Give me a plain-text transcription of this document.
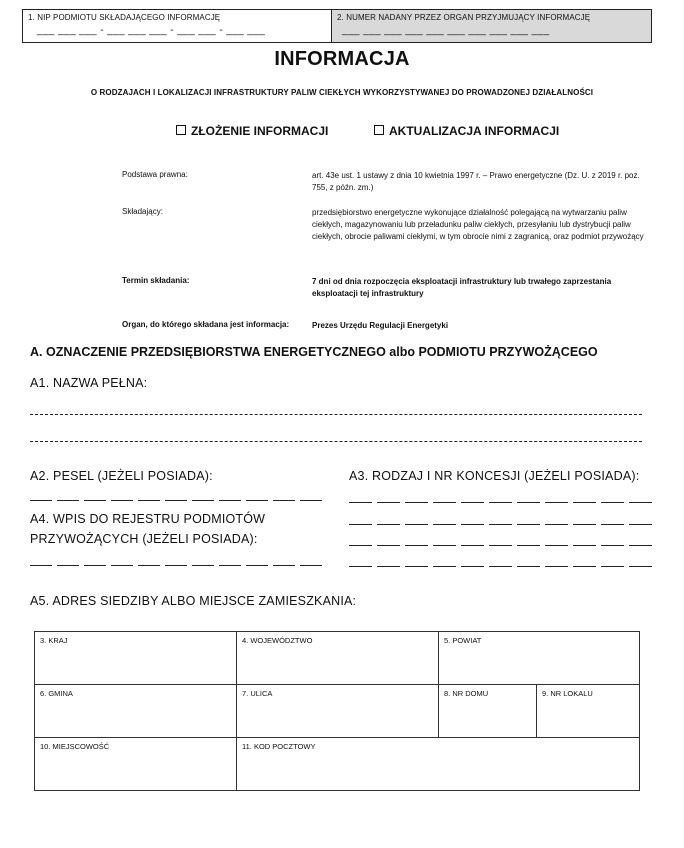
1. NIP PODMIOTU SKŁADAJĄCEGO INFORMACJĘ
___ ___ ___ - ___ ___ ___ - ___ ___ - ___ ___
2. NUMER NADANY PRZEZ ORGAN PRZYJMUJĄCY INFORMACJĘ
___ ___ ___ ___ ___ ___ ___ ___ ___ ___
INFORMACJA
O RODZAJACH I LOKALIZACJI INFRASTRUKTURY PALIW CIEKŁYCH WYKORZYSTYWANEJ DO PROWADZONEJ DZIAŁALNOŚCI
ZŁOŻENIE INFORMACJI	AKTUALIZACJA INFORMACJI
Podstawa prawna:	art. 43e ust. 1 ustawy z dnia 10 kwietnia 1997 r. – Prawo energetyczne (Dz. U. z 2019 r. poz. 755, z późn. zm.)
Składający:	przedsiębiorstwo energetyczne wykonujące działalność polegającą na wytwarzaniu paliw ciekłych, magazynowaniu lub przeładunku paliw ciekłych, przesyłaniu lub dystrybucji paliw ciekłych, obrocie paliwami ciekłymi, w tym obrocie nimi z zagranicą, oraz podmiot przywożący
Termin składania:	7 dni od dnia rozpoczęcia eksploatacji infrastruktury lub trwałego zaprzestania eksploatacji tej infrastruktury
Organ, do którego składana jest informacja:	Prezes Urzędu Regulacji Energetyki
A. OZNACZENIE PRZEDSIĘBIORSTWA ENERGETYCZNEGO albo PODMIOTU PRZYWOŻĄCEGO
A1. NAZWA PEŁNA:
A2. PESEL (JEŻELI POSIADA):	A3. RODZAJ I NR KONCESJI (JEŻELI POSIADA):
A4. WPIS DO REJESTRU PODMIOTÓW
PRZYWOŻĄCYCH (JEŻELI POSIADA):
A5. ADRES SIEDZIBY ALBO MIEJSCE ZAMIESZKANIA:
3. KRAJ	4. WOJEWÓDZTWO	5. POWIAT
6. GMINA	7. ULICA	8. NR DOMU	9. NR LOKALU
10. MIEJSCOWOŚĆ	11. KOD POCZTOWY
